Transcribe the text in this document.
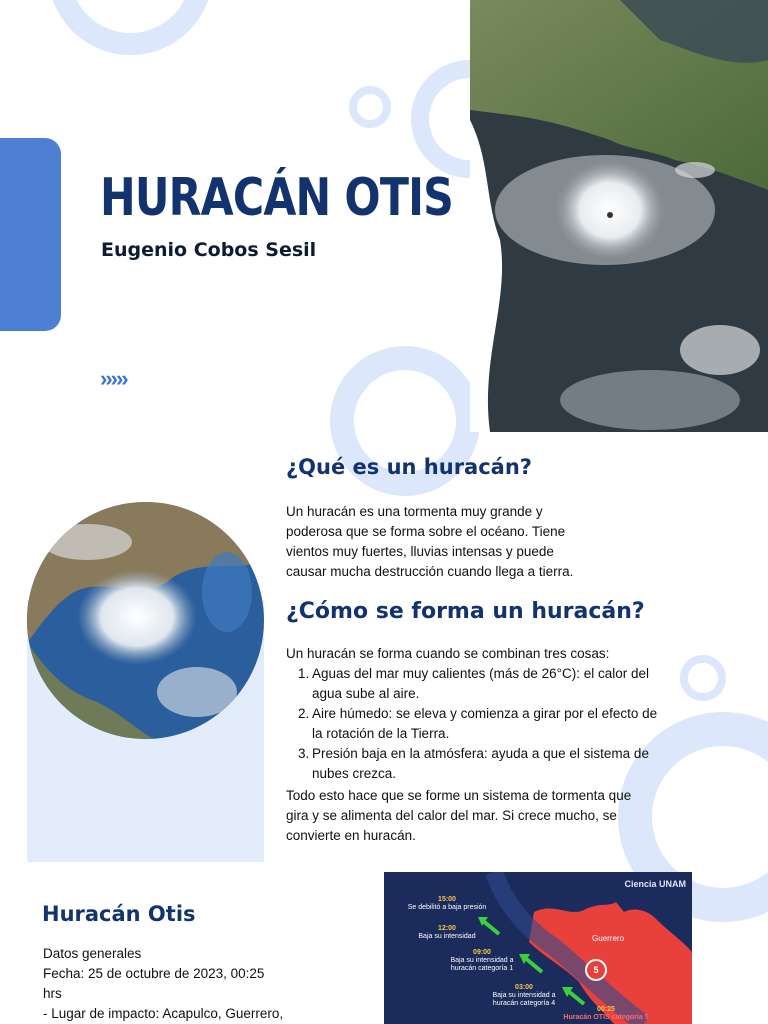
HURACÁN OTIS
Eugenio Cobos Sesil
›››››
¿Qué es un huracán?
Un huracán es una tormenta muy grande y
poderosa que se forma sobre el océano. Tiene
vientos muy fuertes, lluvias intensas y puede
causar mucha destrucción cuando llega a tierra.
¿Cómo se forma un huracán?
Un huracán se forma cuando se combinan tres cosas:
1. Aguas del mar muy calientes (más de 26°C): el calor del
agua sube al aire.
2. Aire húmedo: se eleva y comienza a girar por el efecto de
la rotación de la Tierra.
3. Presión baja en la atmósfera: ayuda a que el sistema de
nubes crezca.
Todo esto hace que se forme un sistema de tormenta que
gira y se alimenta del calor del mar. Si crece mucho, se
convierte en huracán.
Huracán Otis
Datos generales
Fecha: 25 de octubre de 2023, 00:25
hrs
- Lugar de impacto: Acapulco, Guerrero,
Ciencia UNAM
Guerrero
5
15:00
Se debilitó a baja presión
12:00
Baja su intensidad
09:00
Baja su intensidad a huracán categoría 1
03:00
Baja su intensidad a huracán categoría 4
00:25
Huracán OTIS categoría 5
